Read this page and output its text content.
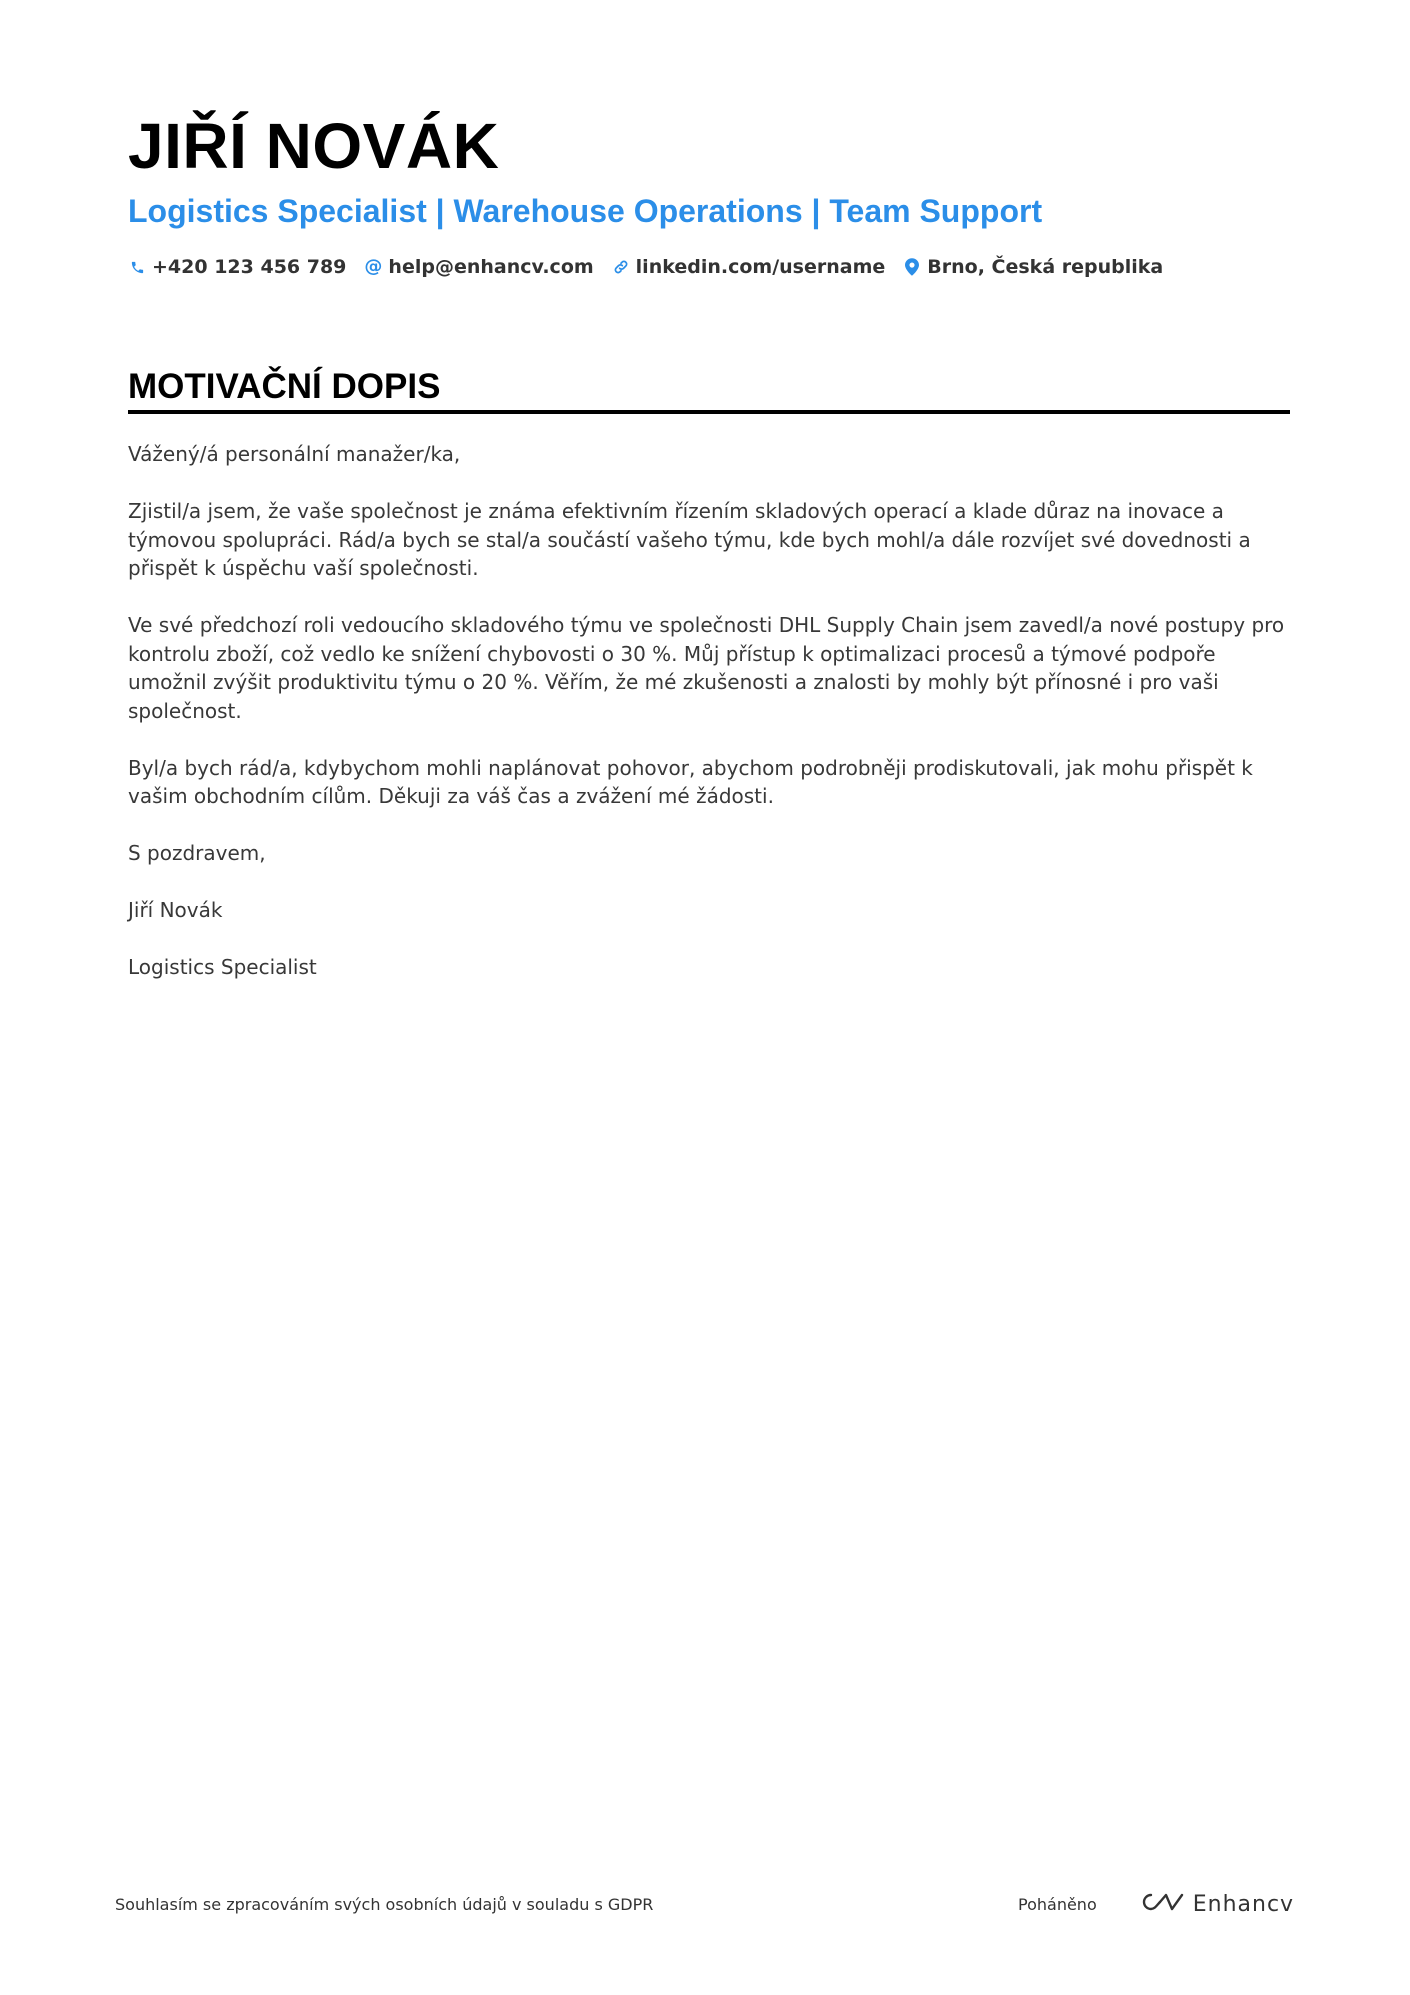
JIŘÍ NOVÁK
Logistics Specialist | Warehouse Operations | Team Support
+420 123 456 789 @ help@enhancv.com linkedin.com/username Brno, Česká republika
MOTIVAČNÍ DOPIS

Vážený/á personální manažer/ka,

Zjistil/a jsem, že vaše společnost je známa efektivním řízením skladových operací a klade důraz na inovace a týmovou spolupráci. Rád/a bych se stal/a součástí vašeho týmu, kde bych mohl/a dále rozvíjet své dovednosti a přispět k úspěchu vaší společnosti.

Ve své předchozí roli vedoucího skladového týmu ve společnosti DHL Supply Chain jsem zavedl/a nové postupy pro kontrolu zboží, což vedlo ke snížení chybovosti o 30 %. Můj přístup k optimalizaci procesů a týmové podpoře umožnil zvýšit produktivitu týmu o 20 %. Věřím, že mé zkušenosti a znalosti by mohly být přínosné i pro vaši společnost.

Byl/a bych rád/a, kdybychom mohli naplánovat pohovor, abychom podrobněji prodiskutovali, jak mohu přispět k vašim obchodním cílům. Děkuji za váš čas a zvážení mé žádosti.

S pozdravem,

Jiří Novák

Logistics Specialist

Souhlasím se zpracováním svých osobních údajů v souladu s GDPR	Poháněno	Enhancv
